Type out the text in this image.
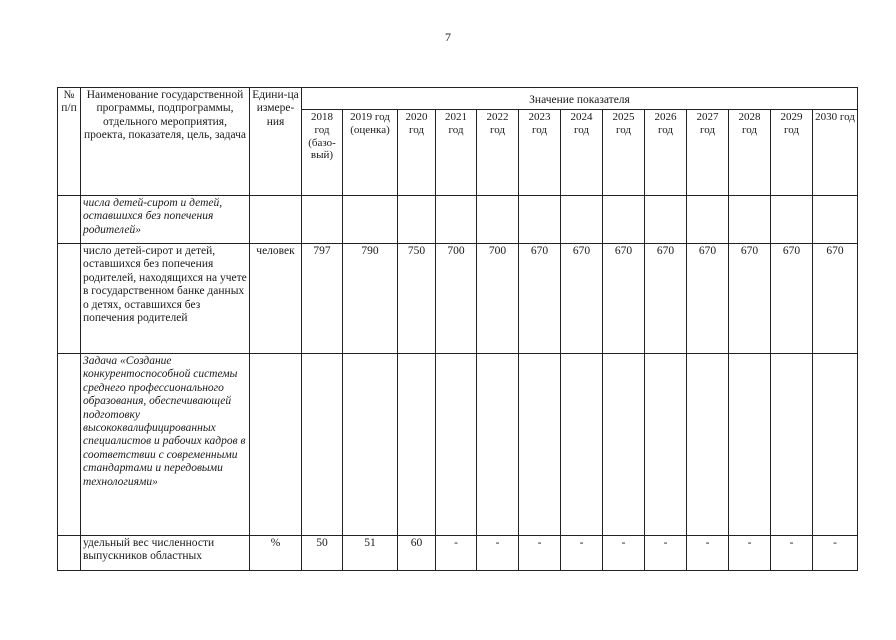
7
№ п/п	Наименование государственной программы, подпрограммы, отдельного мероприятия, проекта, показателя, цель, задача	Едини-ца измере-ния	Значение показателя												
			2018 год (базо-вый)	2019 год (оценка)	2020 год	2021 год	2022 год	2023 год	2024 год	2025 год	2026 год	2027 год	2028 год	2029 год	2030 год
	числа детей-сирот и детей, оставшихся без попечения родителей»														
	число детей-сирот и детей, оставшихся без попечения родителей, находящихся на учете в государственном банке данных о детях, оставшихся без попечения родителей	человек	797	790	750	700	700	670	670	670	670	670	670	670	670
	Задача «Создание конкурентоспособной системы среднего профессионального образования, обеспечивающей подготовку высококвалифицированных специалистов и рабочих кадров в соответствии с современными стандартами и передовыми технологиями»														
	удельный вес численности выпускников областных	%	50	51	60	-	-	-	-	-	-	-	-	-	-
